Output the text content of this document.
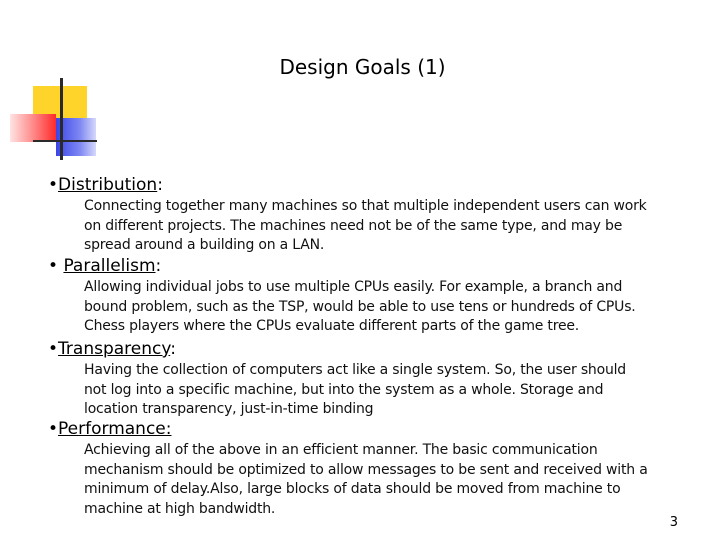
Design Goals (1)
•Distribution:
Connecting together many machines so that multiple independent users can work
on different projects. The machines need not be of the same type, and may be
spread around a building on a LAN.
• Parallelism:
Allowing individual jobs to use multiple CPUs easily. For example, a branch and
bound problem, such as the TSP, would be able to use tens or hundreds of CPUs.
Chess players where the CPUs evaluate different parts of the game tree.
•Transparency:
Having the collection of computers act like a single system. So, the user should
not log into a specific machine, but into the system as a whole. Storage and
location transparency, just-in-time binding
•Performance:
Achieving all of the above in an efficient manner. The basic communication
mechanism should be optimized to allow messages to be sent and received with a
minimum of delay.Also, large blocks of data should be moved from machine to
machine at high bandwidth.
3
